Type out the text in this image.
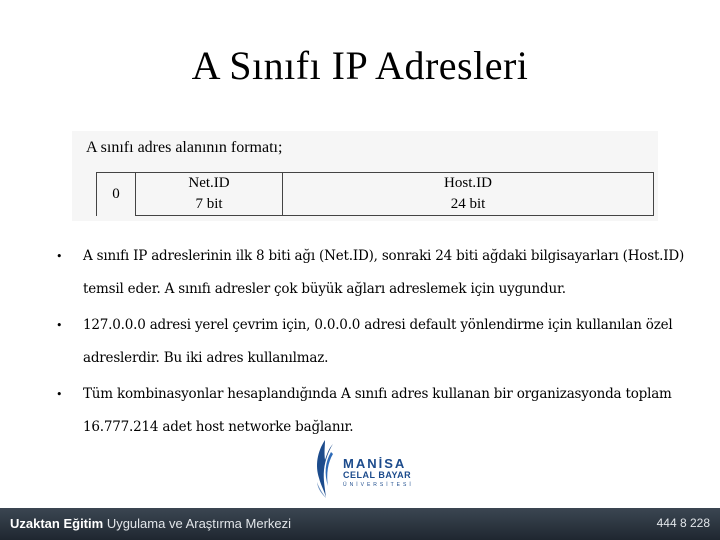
A Sınıfı IP Adresleri
A sınıfı adres alanının formatı;
0	Net.ID	Host.ID
	7 bit	24 bit
• A sınıfı IP adreslerinin ilk 8 biti ağı (Net.ID), sonraki 24 biti ağdaki bilgisayarları (Host.ID) temsil eder. A sınıfı adresler çok büyük ağları adreslemek için uygundur.
• 127.0.0.0 adresi yerel çevrim için, 0.0.0.0 adresi default yönlendirme için kullanılan özel adreslerdir. Bu iki adres kullanılmaz.
• Tüm kombinasyonlar hesaplandığında A sınıfı adres kullanan bir organizasyonda toplam 16.777.214 adet host networke bağlanır.
MANİSA
CELAL BAYAR
ÜNİVERSİTESİ
Uzaktan Eğitim Uygulama ve Araştırma Merkezi	444 8 228
